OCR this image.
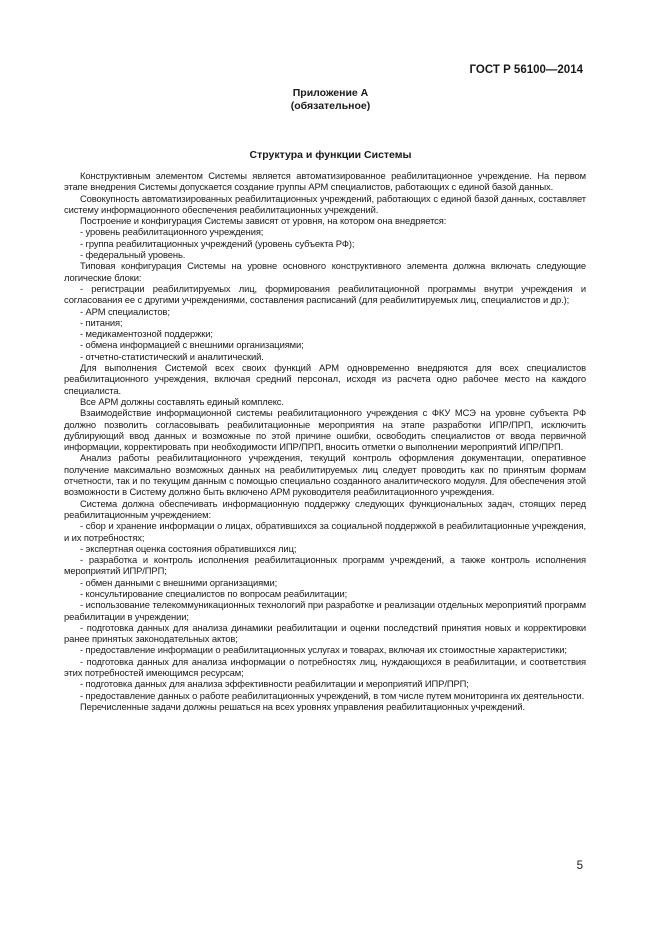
ГОСТ Р 56100—2014
Приложение А
(обязательное)
Структура и функции Системы

Конструктивным элементом Системы является автоматизированное реабилитационное учреждение. На первом этапе внедрения Системы допускается создание группы АРМ специалистов, работающих с единой базой данных.

Совокупность автоматизированных реабилитационных учреждений, работающих с единой базой данных, составляет систему информационного обеспечения реабилитационных учреждений.

Построение и конфигурация Системы зависят от уровня, на котором она внедряется:

- уровень реабилитационного учреждения;

- группа реабилитационных учреждений (уровень субъекта РФ);

- федеральный уровень.

Типовая конфигурация Системы на уровне основного конструктивного элемента должна включать следующие логические блоки:

- регистрации реабилитируемых лиц, формирования реабилитационной программы внутри учреждения и согласования ее с другими учреждениями, составления расписаний (для реабилитируемых лиц, специалистов и др.);

- АРМ специалистов;

- питания;

- медикаментозной поддержки;

- обмена информацией с внешними организациями;

- отчетно-статистический и аналитический.

Для выполнения Системой всех своих функций АРМ одновременно внедряются для всех специалистов реабилитационного учреждения, включая средний персонал, исходя из расчета одно рабочее место на каждого специалиста.

Все АРМ должны составлять единый комплекс.

Взаимодействие информационной системы реабилитационного учреждения с ФКУ МСЭ на уровне субъекта РФ должно позволить согласовывать реабилитационные мероприятия на этапе разработки ИПР/ПРП, исключить дублирующий ввод данных и возможные по этой причине ошибки, освободить специалистов от ввода первичной информации, корректировать при необходимости ИПР/ПРП, вносить отметки о выполнении мероприятий ИПР/ПРП.

Анализ работы реабилитационного учреждения, текущий контроль оформления документации, оперативное получение максимально возможных данных на реабилитируемых лиц следует проводить как по принятым формам отчетности, так и по текущим данным с помощью специально созданного аналитического модуля. Для обеспечения этой возможности в Систему должно быть включено АРМ руководителя реабилитационного учреждения.

Система должна обеспечивать информационную поддержку следующих функциональных задач, стоящих перед реабилитационным учреждением:

- сбор и хранение информации о лицах, обратившихся за социальной поддержкой в реабилитационные учреждения, и их потребностях;

- экспертная оценка состояния обратившихся лиц;

- разработка и контроль исполнения реабилитационных программ учреждений, а также контроль исполнения мероприятий ИПР/ПРП;

- обмен данными с внешними организациями;

- консультирование специалистов по вопросам реабилитации;

- использование телекоммуникационных технологий при разработке и реализации отдельных мероприятий программ реабилитации в учреждении;

- подготовка данных для анализа динамики реабилитации и оценки последствий принятия новых и корректировки ранее принятых законодательных актов;

- предоставление информации о реабилитационных услугах и товарах, включая их стоимостные характеристики;

- подготовка данных для анализа информации о потребностях лиц, нуждающихся в реабилитации, и соответствия этих потребностей имеющимся ресурсам;

- подготовка данных для анализа эффективности реабилитации и мероприятий ИПР/ПРП;

- предоставление данных о работе реабилитационных учреждений, в том числе путем мониторинга их деятельности.

Перечисленные задачи должны решаться на всех уровнях управления реабилитационных учреждений.

5
